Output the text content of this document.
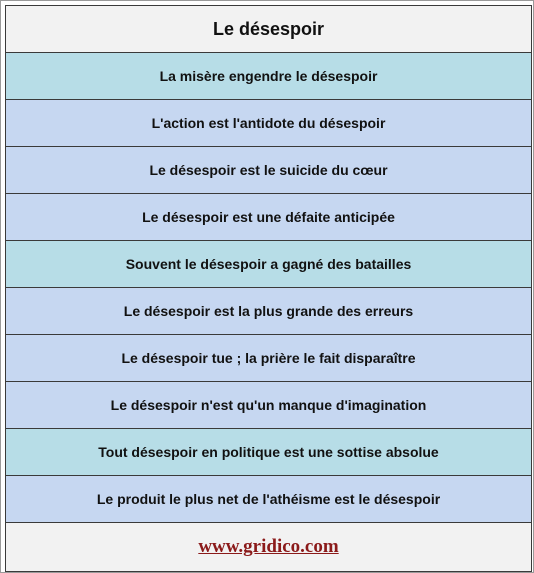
Le désespoir
La misère engendre le désespoir
L'action est l'antidote du désespoir
Le désespoir est le suicide du cœur
Le désespoir est une défaite anticipée
Souvent le désespoir a gagné des batailles
Le désespoir est la plus grande des erreurs
Le désespoir tue ; la prière le fait disparaître
Le désespoir n'est qu'un manque d'imagination
Tout désespoir en politique est une sottise absolue
Le produit le plus net de l'athéisme est le désespoir
www.gridico.com
